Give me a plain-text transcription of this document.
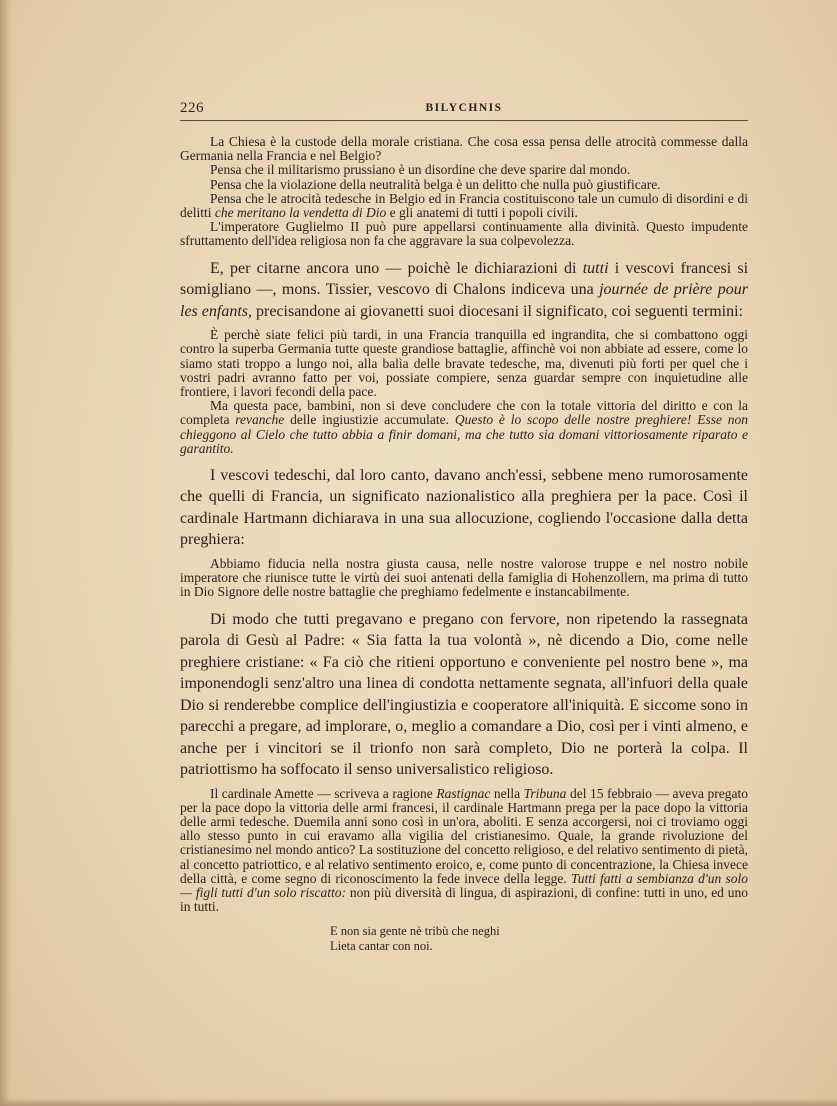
226	BILYCHNIS

La Chiesa è la custode della morale cristiana. Che cosa essa pensa delle atrocità commesse dalla Germania nella Francia e nel Belgio?

Pensa che il militarismo prussiano è un disordine che deve sparire dal mondo.

Pensa che la violazione della neutralità belga è un delitto che nulla può giustificare.

Pensa che le atrocità tedesche in Belgio ed in Francia costituiscono tale un cumulo di disordini e di delitti che meritano la vendetta di Dio e gli anatemi di tutti i popoli civili.

L'imperatore Guglielmo II può pure appellarsi continuamente alla divinità. Questo impudente sfruttamento dell'idea religiosa non fa che aggravare la sua colpevolezza.

E, per citarne ancora uno — poichè le dichiarazioni di tutti i vescovi francesi si somigliano —, mons. Tissier, vescovo di Chalons indiceva una journée de prière pour les enfants, precisandone ai giovanetti suoi diocesani il significato, coi seguenti termini:

È perchè siate felici più tardi, in una Francia tranquilla ed ingrandita, che si combattono oggi contro la superba Germania tutte queste grandiose battaglie, affinchè voi non abbiate ad essere, come lo siamo stati troppo a lungo noi, alla balìa delle bravate tedesche, ma, divenuti più forti per quel che i vostri padri avranno fatto per voi, possiate compiere, senza guardar sempre con inquietudine alle frontiere, i lavori fecondi della pace.

Ma questa pace, bambini, non si deve concludere che con la totale vittoria del diritto e con la completa revanche delle ingiustizie accumulate. Questo è lo scopo delle nostre preghiere! Esse non chieggono al Cielo che tutto abbia a finir domani, ma che tutto sia domani vittoriosamente riparato e garantito.

I vescovi tedeschi, dal loro canto, davano anch'essi, sebbene meno rumorosamente che quelli di Francia, un significato nazionalistico alla preghiera per la pace. Così il cardinale Hartmann dichiarava in una sua allocuzione, cogliendo l'occasione dalla detta preghiera:

Abbiamo fiducia nella nostra giusta causa, nelle nostre valorose truppe e nel nostro nobile imperatore che riunisce tutte le virtù dei suoi antenati della famiglia di Hohenzollern, ma prima di tutto in Dio Signore delle nostre battaglie che preghiamo fedelmente e instancabilmente.

Di modo che tutti pregavano e pregano con fervore, non ripetendo la rassegnata parola di Gesù al Padre: « Sia fatta la tua volontà », nè dicendo a Dio, come nelle preghiere cristiane: « Fa ciò che ritieni opportuno e conveniente pel nostro bene », ma imponendogli senz'altro una linea di condotta nettamente segnata, all'infuori della quale Dio si renderebbe complice dell'ingiustizia e cooperatore all'iniquità. E siccome sono in parecchi a pregare, ad implorare, o, meglio a comandare a Dio, così per i vinti almeno, e anche per i vincitori se il trionfo non sarà completo, Dio ne porterà la colpa. Il patriottismo ha soffocato il senso universalistico religioso.

Il cardinale Amette — scriveva a ragione Rastignac nella Tribuna del 15 febbraio — aveva pregato per la pace dopo la vittoria delle armi francesi, il cardinale Hartmann prega per la pace dopo la vittoria delle armi tedesche. Duemila anni sono così in un'ora, aboliti. E senza accorgersi, noi ci troviamo oggi allo stesso punto in cui eravamo alla vigilia del cristianesimo. Quale, la grande rivoluzione del cristianesimo nel mondo antico? La sostituzione del concetto religioso, e del relativo sentimento di pietà, al concetto patriottico, e al relativo sentimento eroico, e, come punto di concentrazione, la Chiesa invece della città, e come segno di riconoscimento la fede invece della legge. Tutti fatti a sembianza d'un solo — figli tutti d'un solo riscatto: non più diversità di lingua, di aspirazioni, di confine: tutti in uno, ed uno in tutti.

E non sia gente nè tribù che neghi
Lieta cantar con noi.
